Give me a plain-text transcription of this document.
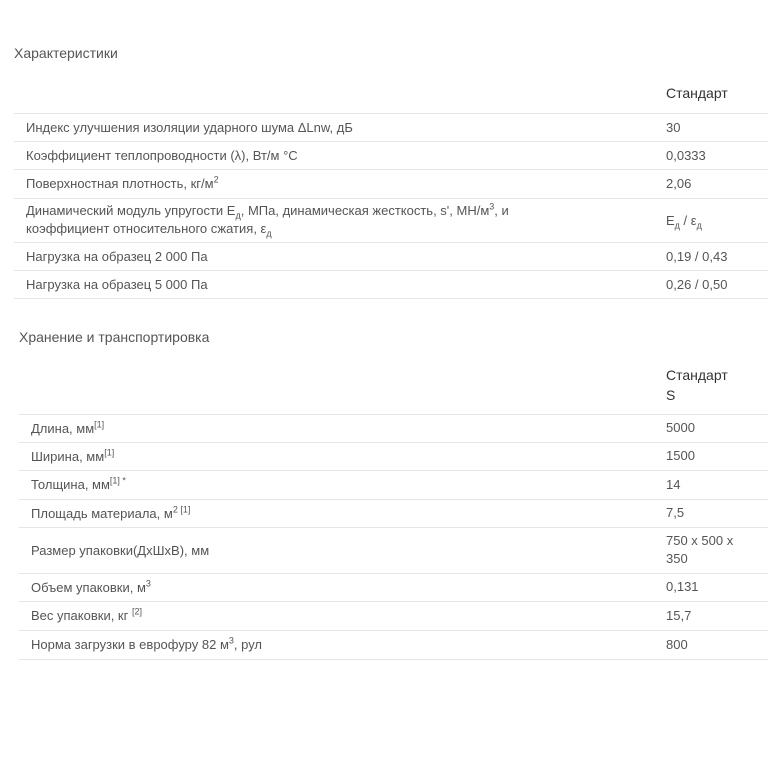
Характеристики
	Стандарт
Индекс улучшения изоляции ударного шума ΔLnw, дБ	30
Коэффициент теплопроводности (λ), Вт/м °С	0,0333
Поверхностная плотность, $кг/м^2$	2,06
Динамический модуль упругости $E_д$, МПа, динамическая жесткость, s', $МН/м^3$, и
коэффициент относительного сжатия, $\varepsilon_д$	$E_д / \varepsilon_д$
Нагрузка на образец 2 000 Па	0,19 / 0,43
Нагрузка на образец 5 000 Па	0,26 / 0,50
Хранение и транспортировка
	Стандарт
S
Длина, мм[1]	5000
Ширина, мм[1]	1500
Толщина, $мм^{[1] *}$	14
Площадь материала, $м^{2 [1]}$	7,5
Размер упаковки(ДхШхВ), мм	750 x 500 x 350
Объем упаковки, $м^3$	0,131
Вес упаковки, кг [2]	15,7
Норма загрузки в еврофуру 82 $м^3$, рул	800
